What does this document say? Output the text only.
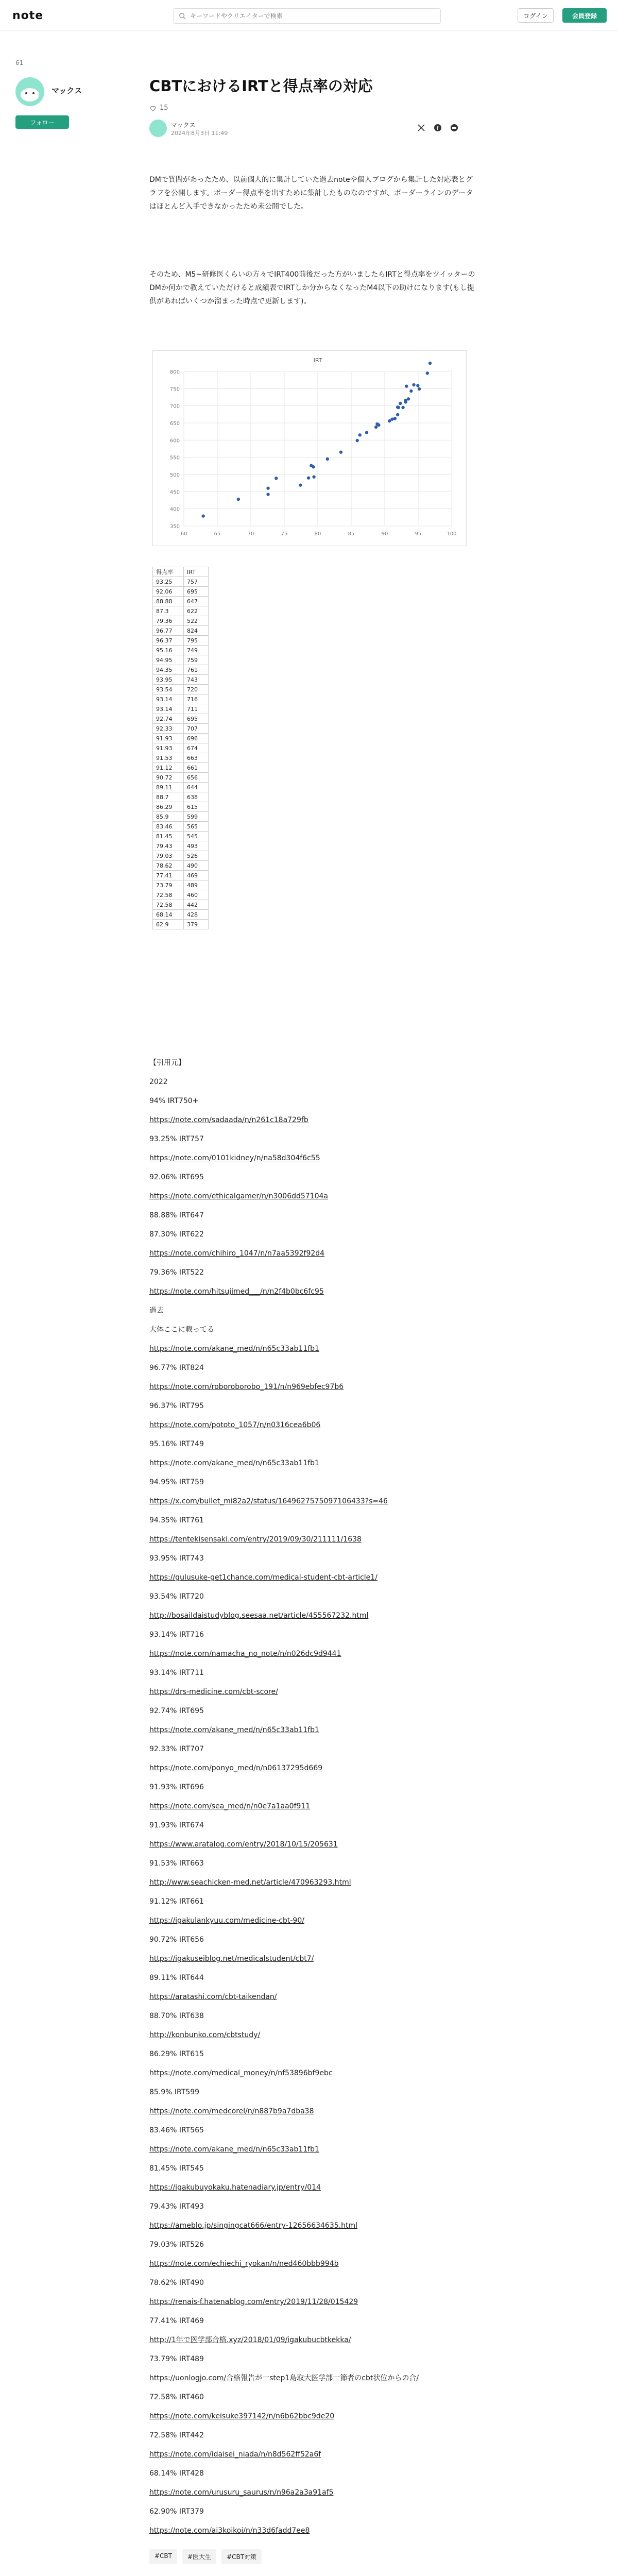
note
キーワードやクリエイターで検索	ログイン	会員登録
61
マックス
フォロー
CBTにおけるIRTと得点率の対応
15
マックス
2024年8月3日 11:49
f
DMで質問があったため、以前個人的に集計していた過去noteや個人ブログから集計した対応表とグラフを公開します。ボーダー得点率を出すために集計したものなのですが、ボーダーラインのデータはほとんど入手できなかったため未公開でした。
そのため、M5~研修医くらいの方々でIRT400前後だった方がいましたらIRTと得点率をツイッターのDMか何かで教えていただけると成績表でIRTしか分からなくなったM4以下の助けになります(もし提供があればいくつか溜まった時点で更新します)。
IRT
350
400
450
500
550
600
650
700
750
800
60	65	70	75	80	85	90	95	100
得点率	IRT
93.25	757
92.06	695
88.88	647
87.3	622
79.36	522
96.77	824
96.37	795
95.16	749
94.95	759
94.35	761
93.95	743
93.54	720
93.14	716
93.14	711
92.74	695
92.33	707
91.93	696
91.93	674
91.53	663
91.12	661
90.72	656
89.11	644
88.7	638
86.29	615
85.9	599
83.46	565
81.45	545
79.43	493
79.03	526
78.62	490
77.41	469
73.79	489
72.58	460
72.58	442
68.14	428
62.9	379
【引用元】
2022
94% IRT750+
https://note.com/sadaada/n/n261c18a729fb
93.25% IRT757
https://note.com/0101kidney/n/na58d304f6c55
92.06% IRT695
https://note.com/ethicalgamer/n/n3006dd57104a
88.88% IRT647
87.30% IRT622
https://note.com/chihiro_1047/n/n7aa5392f92d4
79.36% IRT522
https://note.com/hitsujimed___/n/n2f4b0bc6fc95
過去
大体ここに載ってる
https://note.com/akane_med/n/n65c33ab11fb1
96.77% IRT824
https://note.com/roboroborobo_191/n/n969ebfec97b6
96.37% IRT795
https://note.com/pototo_1057/n/n0316cea6b06
95.16% IRT749
https://note.com/akane_med/n/n65c33ab11fb1
94.95% IRT759
https://x.com/bullet_mi82a2/status/1649627575097106433?s=46
94.35% IRT761
https://tentekisensaki.com/entry/2019/09/30/211111/1638
93.95% IRT743
https://gulusuke-get1chance.com/medical-student-cbt-article1/
93.54% IRT720
http://bosaiIdaistudyblog.seesaa.net/article/455567232.html
93.14% IRT716
https://note.com/namacha_no_note/n/n026dc9d9441
93.14% IRT711
https://drs-medicine.com/cbt-score/
92.74% IRT695
https://note.com/akane_med/n/n65c33ab11fb1
92.33% IRT707
https://note.com/ponyo_med/n/n06137295d669
91.93% IRT696
https://note.com/sea_med/n/n0e7a1aa0f911
91.93% IRT674
https://www.aratalog.com/entry/2018/10/15/205631
91.53% IRT663
http://www.seachicken-med.net/article/470963293.html
91.12% IRT661
https://igakulankyuu.com/medicine-cbt-90/
90.72% IRT656
https://igakuseiblog.net/medicalstudent/cbt7/
89.11% IRT644
https://aratashi.com/cbt-taikendan/
88.70% IRT638
http://konbunko.com/cbtstudy/
86.29% IRT615
https://note.com/medical_money/n/nf53896bf9ebc
85.9% IRT599
https://note.com/medcorel/n/n887b9a7dba38
83.46% IRT565
https://note.com/akane_med/n/n65c33ab11fb1
81.45% IRT545
https://igakubuyokaku.hatenadiary.jp/entry/014
79.43% IRT493
https://ameblo.jp/singingcat666/entry-12656634635.html
79.03% IRT526
https://note.com/echiechi_ryokan/n/ned460bbb994b
78.62% IRT490
https://renais-f.hatenablog.com/entry/2019/11/28/015429
77.41% IRT469
http://1年で医学部合格.xyz/2018/01/09/igakubucbtkekka/
73.79% IRT489
https://uonlogjo.com/合格報告が一step1島取大医学部一節者のcbt状位からの合/
72.58% IRT460
https://note.com/keisuke397142/n/n6b62bbc9de20
72.58% IRT442
https://note.com/idaisei_niada/n/n8d562ff52a6f
68.14% IRT428
https://note.com/urusuru_saurus/n/n96a2a3a91af5
62.90% IRT379
https://note.com/ai3koikoi/n/n33d6fadd7ee8
#CBT	#医大生	#CBT対策
